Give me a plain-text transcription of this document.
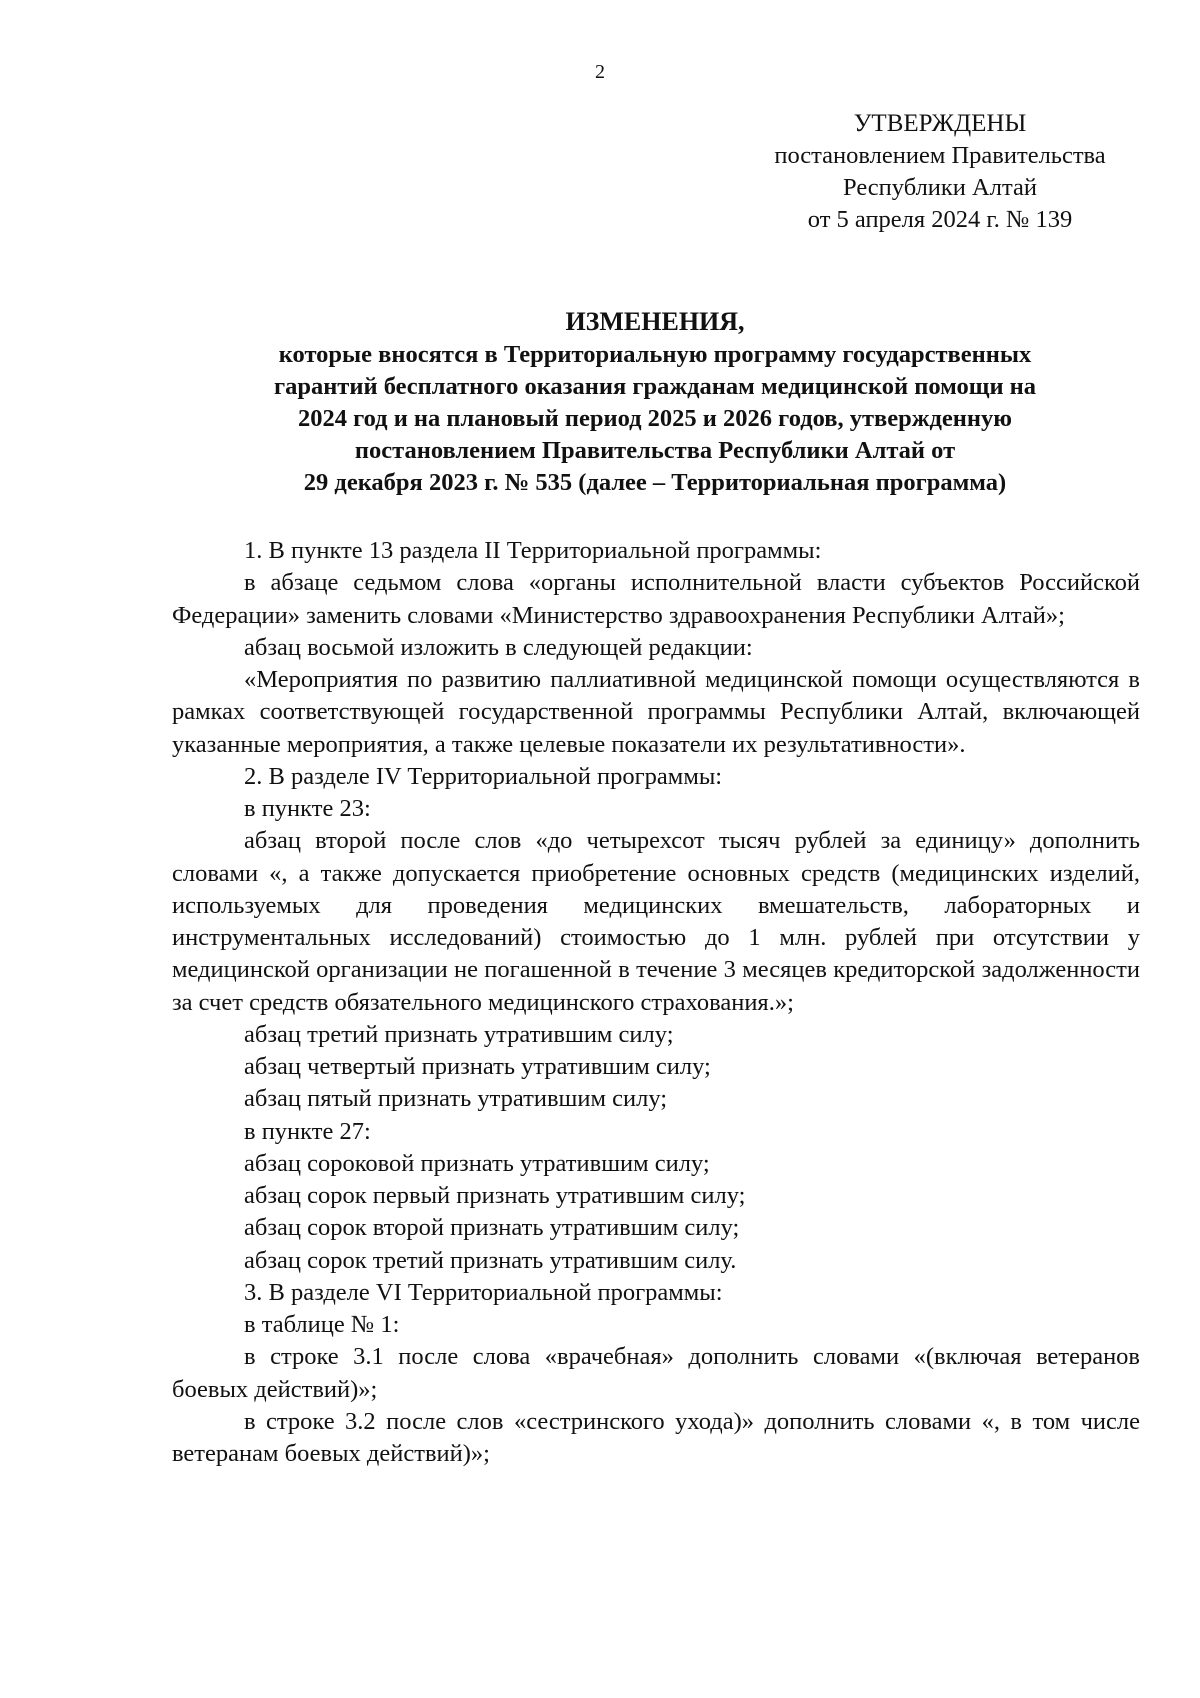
2
УТВЕРЖДЕНЫ
постановлением Правительства
Республики Алтай
от 5 апреля 2024 г. № 139
ИЗМЕНЕНИЯ,
которые вносятся в Территориальную программу государственных
гарантий бесплатного оказания гражданам медицинской помощи на
2024 год и на плановый период 2025 и 2026 годов, утвержденную
постановлением Правительства Республики Алтай от
29 декабря 2023 г. № 535 (далее – Территориальная программа)

1. В пункте 13 раздела II Территориальной программы:

в абзаце седьмом слова «органы исполнительной власти субъектов Российской Федерации» заменить словами «Министерство здравоохранения Республики Алтай»;

абзац восьмой изложить в следующей редакции:

«Мероприятия по развитию паллиативной медицинской помощи осуществляются в рамках соответствующей государственной программы Республики Алтай, включающей указанные мероприятия, а также целевые показатели их результативности».

2. В разделе IV Территориальной программы:

в пункте 23:

абзац второй после слов «до четырехсот тысяч рублей за единицу» дополнить словами «, а также допускается приобретение основных средств (медицинских изделий, используемых для проведения медицинских вмешательств, лабораторных и инструментальных исследований) стоимостью до 1 млн. рублей при отсутствии у медицинской организации не погашенной в течение 3 месяцев кредиторской задолженности за счет средств обязательного медицинского страхования.»;

абзац третий признать утратившим силу;

абзац четвертый признать утратившим силу;

абзац пятый признать утратившим силу;

в пункте 27:

абзац сороковой признать утратившим силу;

абзац сорок первый признать утратившим силу;

абзац сорок второй признать утратившим силу;

абзац сорок третий признать утратившим силу.

3. В разделе VI Территориальной программы:

в таблице № 1:

в строке 3.1 после слова «врачебная» дополнить словами «(включая ветеранов боевых действий)»;

в строке 3.2 после слов «сестринского ухода)» дополнить словами «, в том числе ветеранам боевых действий)»;
